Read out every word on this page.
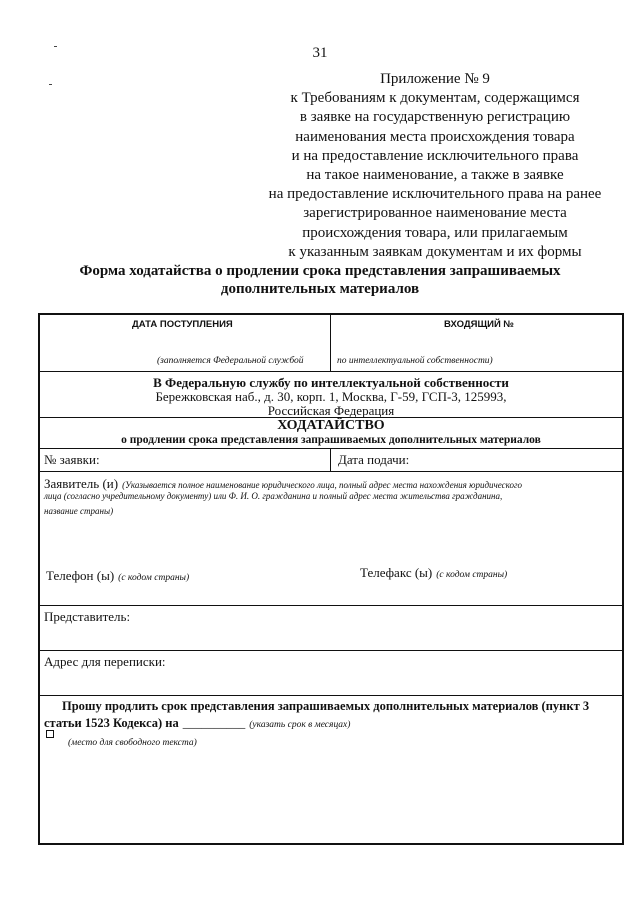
31
Приложение № 9
к Требованиям к документам, содержащимся
в заявке на государственную регистрацию
наименования места происхождения товара
и на предоставление исключительного права
на такое наименование, а также в заявке
на предоставление исключительного права на ранее
зарегистрированное наименование места
происхождения товара, или прилагаемым
к указанным заявкам документам и их формы
Форма ходатайства о продлении срока представления запрашиваемых
дополнительных материалов
ДАТА ПОСТУПЛЕНИЯ	ВХОДЯЩИЙ №
(заполняется Федеральной службой	по интеллектуальной собственности)
В Федеральную службу по интеллектуальной собственности
Бережковская наб., д. 30, корп. 1, Москва, Г-59, ГСП-3, 125993,
Российская Федерация
ХОДАТАЙСТВО
о продлении срока представления запрашиваемых дополнительных материалов
№ заявки:	Дата подачи:
Заявитель (и) (Указывается полное наименование юридического лица, полный адрес места нахождения юридического
лица (согласно учредительному документу) или Ф. И. О. гражданина и полный адрес места жительства гражданина,
название страны)
Телефон (ы) (с кодом страны)	Телефакс (ы) (с кодом страны)
Представитель:
Адрес для переписки:
Прошу продлить срок представления запрашиваемых дополнительных материалов (пункт 3
статьи 1523 Кодекса) на __________ (указать срок в месяцах)
(место для свободного текста)
